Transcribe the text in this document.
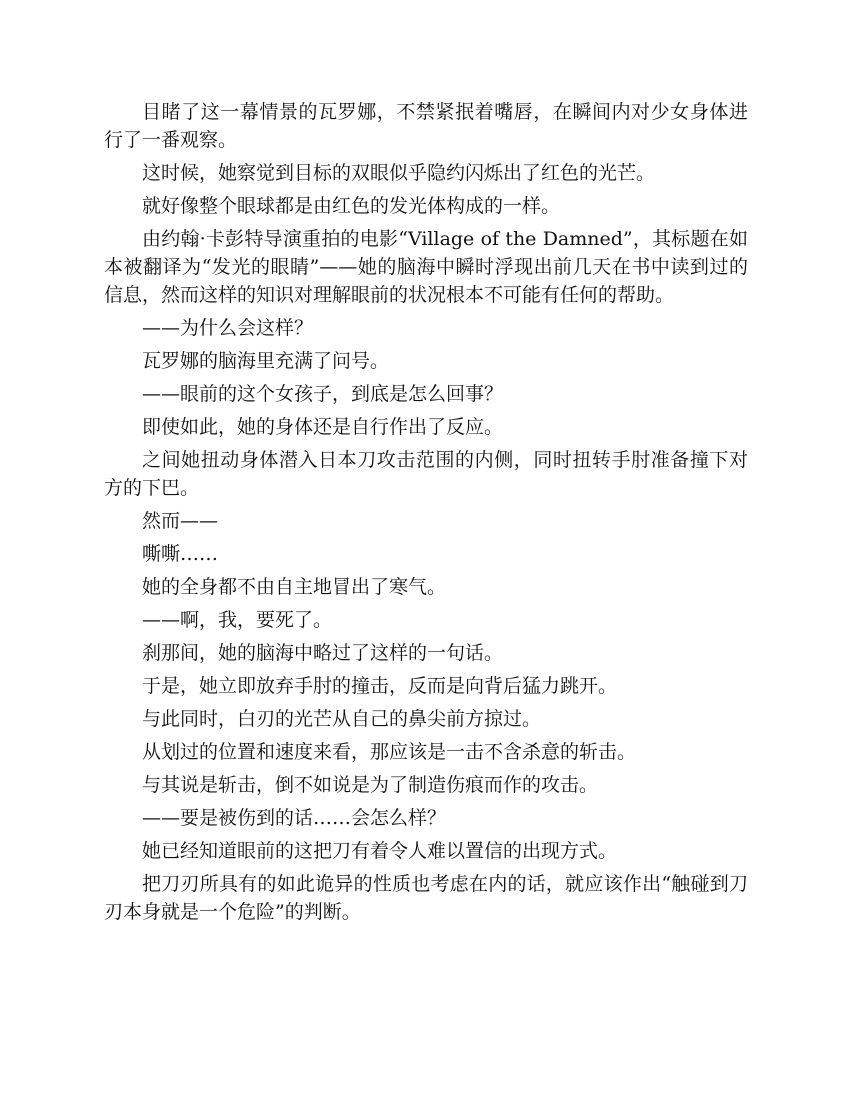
目睹了这一幕情景的瓦罗娜，不禁紧抿着嘴唇，在瞬间内对少女身体进行了一番观察。

这时候，她察觉到目标的双眼似乎隐约闪烁出了红色的光芒。

就好像整个眼球都是由红色的发光体构成的一样。

由约翰·卡彭特导演重拍的电影“Village of the Damned”，其标题在如本被翻译为“发光的眼睛”——她的脑海中瞬时浮现出前几天在书中读到过的信息，然而这样的知识对理解眼前的状况根本不可能有任何的帮助。

——为什么会这样？

瓦罗娜的脑海里充满了问号。

——眼前的这个女孩子，到底是怎么回事？

即使如此，她的身体还是自行作出了反应。

之间她扭动身体潜入日本刀攻击范围的内侧，同时扭转手肘准备撞下对方的下巴。

然而——

嘶嘶……

她的全身都不由自主地冒出了寒气。

——啊，我，要死了。

刹那间，她的脑海中略过了这样的一句话。

于是，她立即放弃手肘的撞击，反而是向背后猛力跳开。

与此同时，白刃的光芒从自己的鼻尖前方掠过。

从划过的位置和速度来看，那应该是一击不含杀意的斩击。

与其说是斩击，倒不如说是为了制造伤痕而作的攻击。

——要是被伤到的话……会怎么样？

她已经知道眼前的这把刀有着令人难以置信的出现方式。

把刀刃所具有的如此诡异的性质也考虑在内的话，就应该作出“触碰到刀刃本身就是一个危险”的判断。
